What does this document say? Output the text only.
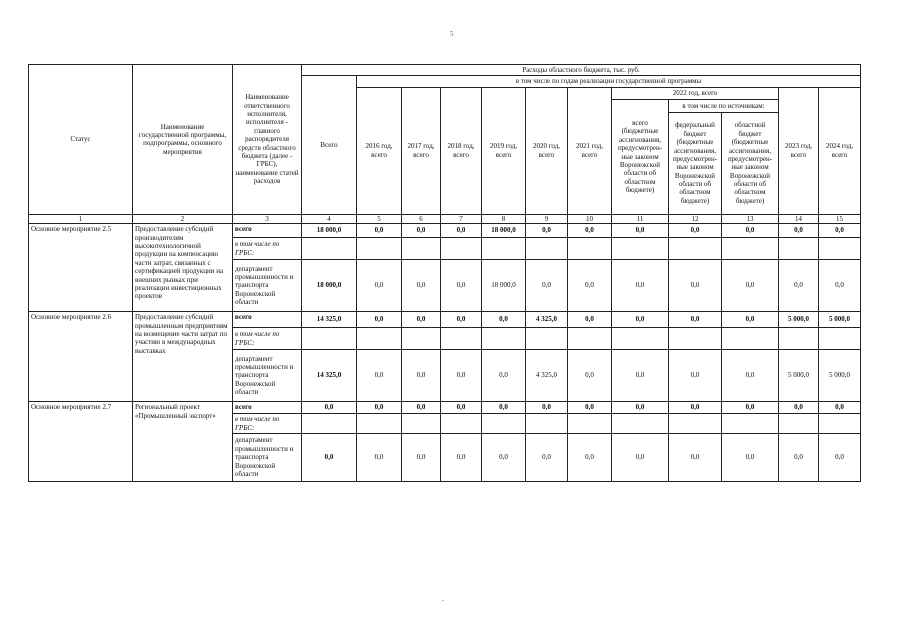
5
Статус	Наименование государственной программы, подпрограммы, основного мероприятия	Наименование ответственного исполнителя, исполнителя - главного распорядителя средств областного бюджета (далее - ГРБС), наименование статей расходов	Расходы областного бюджета, тыс. руб.											
			Всего	в том числе по годам реализации государственной программы										
				2016 год, всего	2017 год, всего	2018 год, всего	2019 год, всего	2020 год, всего	2021 год, всего	2022 год, всего			2023 год, всего	2024 год, всего
										всего (бюджетные ассигнования, предусмотрен-ные законом Воронежской области об областном бюджете)	в том числе по источникам:			
											федеральный бюджет (бюджетные ассигнования, предусмотрен-ные законом Воронежской области об областном бюджете)	областной бюджет (бюджетные ассигнования, предусмотрен-ные законом Воронежской области об областном бюджете)		
1	2	3	4	5	6	7	8	9	10	11	12	13	14	15
Основное мероприятие 2.5	Предоставление субсидий производителям высокотехнологичной продукции на компенсацию части затрат, связанных с сертификацией продукции на внешних рынках при реализации инвестиционных проектов	всего	18 000,0	0,0	0,0	0,0	18 000,0	0,0	0,0	0,0	0,0	0,0	0,0	0,0
		в том числе по ГРБС:												
		департамент промышленности и транспорта Воронежской области	18 000,0	0,0	0,0	0,0	18 000,0	0,0	0,0	0,0	0,0	0,0	0,0	0,0
Основное мероприятие 2.6	Предоставление субсидий промышленным предприятиям на возмещение части затрат по участию в международных выставках	всего	14 325,0	0,0	0,0	0,0	0,0	4 325,0	0,0	0,0	0,0	0,0	5 000,0	5 000,0
		в том числе по ГРБС:												
		департамент промышленности и транспорта Воронежской области	14 325,0	0,0	0,0	0,0	0,0	4 325,0	0,0	0,0	0,0	0,0	5 000,0	5 000,0
Основное мероприятие 2.7	Региональный проект «Промышленный экспорт»	всего	0,0	0,0	0,0	0,0	0,0	0,0	0,0	0,0	0,0	0,0	0,0	0,0
		в том числе по ГРБС:												
		департамент промышленности и транспорта Воронежской области	0,0	0,0	0,0	0,0	0,0	0,0	0,0	0,0	0,0	0,0	0,0	0,0
-
